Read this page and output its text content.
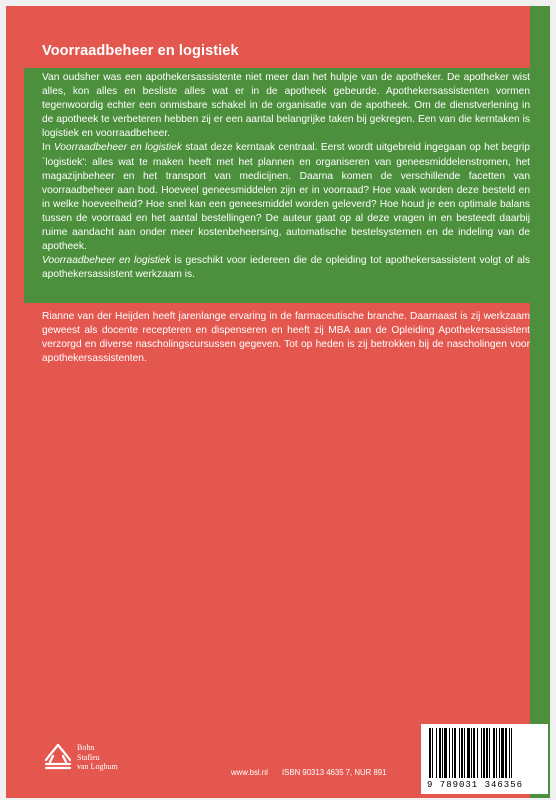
Voorraadbeheer en logistiek

Van oudsher was een apothekersassistente niet meer dan het hulpje van de apotheker. De apotheker wist alles, kon alles en besliste alles wat er in de apotheek gebeurde. Apothekersassistenten vormen tegenwoordig echter een onmisbare schakel in de organisatie van de apotheek. Om de dienstverlening in de apotheek te verbeteren hebben zij er een aantal belangrijke taken bij gekregen. Een van die kerntaken is logistiek en voorraadbeheer.

In Voorraadbeheer en logistiek staat deze kerntaak centraal. Eerst wordt uitgebreid ingegaan op het begrip `logistiek': alles wat te maken heeft met het plannen en organiseren van geneesmiddelenstromen, het magazijnbeheer en het transport van medicijnen. Daarna komen de verschillende facetten van voorraadbeheer aan bod. Hoeveel geneesmiddelen zijn er in voorraad? Hoe vaak worden deze besteld en in welke hoeveelheid? Hoe snel kan een geneesmiddel worden geleverd? Hoe houd je een optimale balans tussen de voorraad en het aantal bestellingen? De auteur gaat op al deze vragen in en besteedt daarbij ruime aandacht aan onder meer kostenbeheersing, automatische bestelsystemen en de indeling van de apotheek.

Voorraadbeheer en logistiek is geschikt voor iedereen die de opleiding tot apothekersassistent volgt of als apothekersassistent werkzaam is.

Rianne van der Heijden heeft jarenlange ervaring in de farmaceutische branche. Daarnaast is zij werkzaam geweest als docente recepteren en dispenseren en heeft zij MBA aan de Opleiding Apothekersassistent verzorgd en diverse nascholingscursussen gegeven. Tot op heden is zij betrokken bij de nascholingen voor apothekersassistenten.

Bohn
Stafleu
van Loghum
www.bsl.nl ISBN 90313 4635 7, NUR 891
9 789031 346356
